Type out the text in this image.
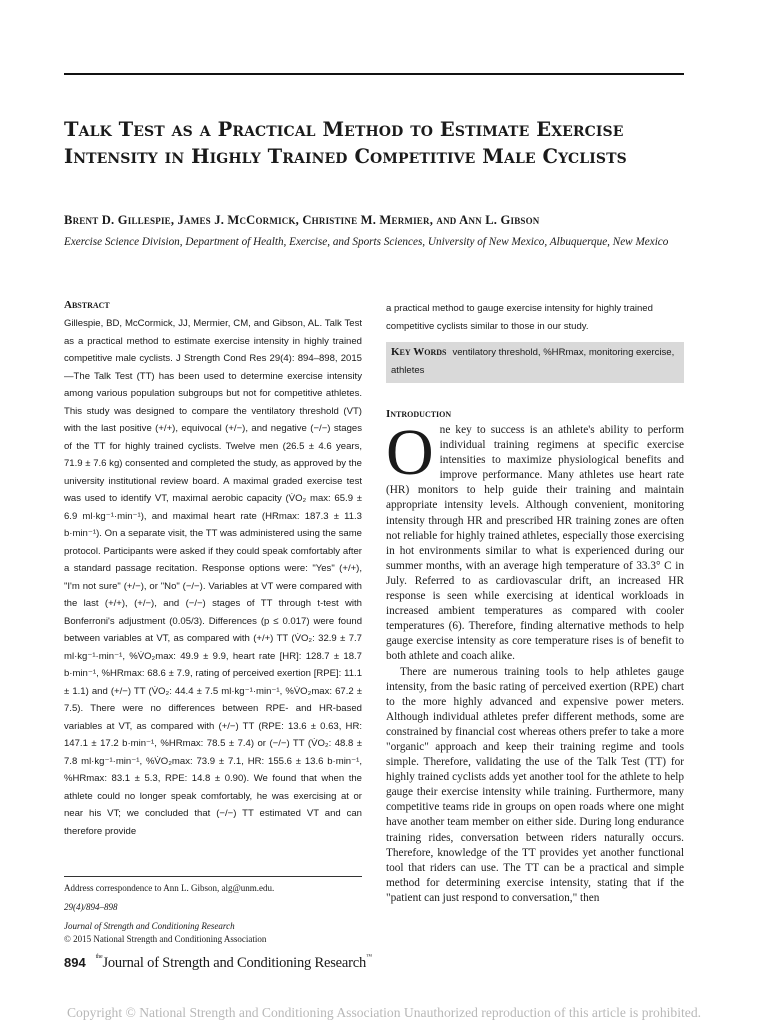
Talk Test as a Practical Method to Estimate Exercise Intensity in Highly Trained Competitive Male Cyclists

Brent D. Gillespie, James J. McCormick, Christine M. Mermier, and Ann L. Gibson

Exercise Science Division, Department of Health, Exercise, and Sports Sciences, University of New Mexico, Albuquerque, New Mexico

Abstract

Gillespie, BD, McCormick, JJ, Mermier, CM, and Gibson, AL. Talk Test as a practical method to estimate exercise intensity in highly trained competitive male cyclists. J Strength Cond Res 29(4): 894–898, 2015—The Talk Test (TT) has been used to determine exercise intensity among various population subgroups but not for competitive athletes. This study was designed to compare the ventilatory threshold (VT) with the last positive (+/+), equivocal (+/−), and negative (−/−) stages of the TT for highly trained cyclists. Twelve men (26.5 ± 4.6 years, 71.9 ± 7.6 kg) consented and completed the study, as approved by the university institutional review board. A maximal graded exercise test was used to identify VT, maximal aerobic capacity (V̇O₂ max: 65.9 ± 6.9 ml·kg⁻¹·min⁻¹), and maximal heart rate (HRmax: 187.3 ± 11.3 b·min⁻¹). On a separate visit, the TT was administered using the same protocol. Participants were asked if they could speak comfortably after a standard passage recitation. Response options were: "Yes" (+/+), "I'm not sure" (+/−), or "No" (−/−). Variables at VT were compared with the last (+/+), (+/−), and (−/−) stages of TT through t-test with Bonferroni's adjustment (0.05/3). Differences (p ≤ 0.017) were found between variables at VT, as compared with (+/+) TT (V̇O₂: 32.9 ± 7.7 ml·kg⁻¹·min⁻¹, %V̇O₂max: 49.9 ± 9.9, heart rate [HR]: 128.7 ± 18.7 b·min⁻¹, %HRmax: 68.6 ± 7.9, rating of perceived exertion [RPE]: 11.1 ± 1.1) and (+/−) TT (V̇O₂: 44.4 ± 7.5 ml·kg⁻¹·min⁻¹, %V̇O₂max: 67.2 ± 7.5). There were no differences between RPE- and HR-based variables at VT, as compared with (+/−) TT (RPE: 13.6 ± 0.63, HR: 147.1 ± 17.2 b·min⁻¹, %HRmax: 78.5 ± 7.4) or (−/−) TT (V̇O₂: 48.8 ± 7.8 ml·kg⁻¹·min⁻¹, %V̇O₂max: 73.9 ± 7.1, HR: 155.6 ± 13.6 b·min⁻¹, %HRmax: 83.1 ± 5.3, RPE: 14.8 ± 0.90). We found that when the athlete could no longer speak comfortably, he was exercising at or near his VT; we concluded that (−/−) TT estimated VT and can therefore provide

a practical method to gauge exercise intensity for highly trained competitive cyclists similar to those in our study.

Key Words ventilatory threshold, %HRmax, monitoring exercise, athletes
Introduction

One key to success is an athlete's ability to perform individual training regimens at specific exercise intensities to maximize physiological benefits and improve performance. Many athletes use heart rate (HR) monitors to help guide their training and maintain appropriate intensity levels. Although convenient, monitoring intensity through HR and prescribed HR training zones are often not reliable for highly trained athletes, especially those exercising in hot environments similar to what is experienced during our summer months, with an average high temperature of 33.3° C in July. Referred to as cardiovascular drift, an increased HR response is seen while exercising at identical workloads in increased ambient temperatures as compared with cooler temperatures (6). Therefore, finding alternative methods to help gauge exercise intensity as core temperature rises is of benefit to both athlete and coach alike.

There are numerous training tools to help athletes gauge intensity, from the basic rating of perceived exertion (RPE) chart to the more highly advanced and expensive power meters. Although individual athletes prefer different methods, some are constrained by financial cost whereas others prefer to take a more "organic" approach and keep their training regime and tools simple. Therefore, validating the use of the Talk Test (TT) for highly trained cyclists adds yet another tool for the athlete to help gauge their exercise intensity while training. Furthermore, many competitive teams ride in groups on open roads where one might have another team member on either side. During long endurance training rides, conversation between riders naturally occurs. Therefore, knowledge of the TT provides yet another functional tool that riders can use. The TT can be a practical and simple method for determining exercise intensity, stating that if the "patient can just respond to conversation," then

Address correspondence to Ann L. Gibson, alg@unm.edu.
29(4)/894–898
Journal of Strength and Conditioning Research
© 2015 National Strength and Conditioning Association
894 $^{the}$Journal of Strength and Conditioning Research™
Copyright © National Strength and Conditioning Association Unauthorized reproduction of this article is prohibited.
